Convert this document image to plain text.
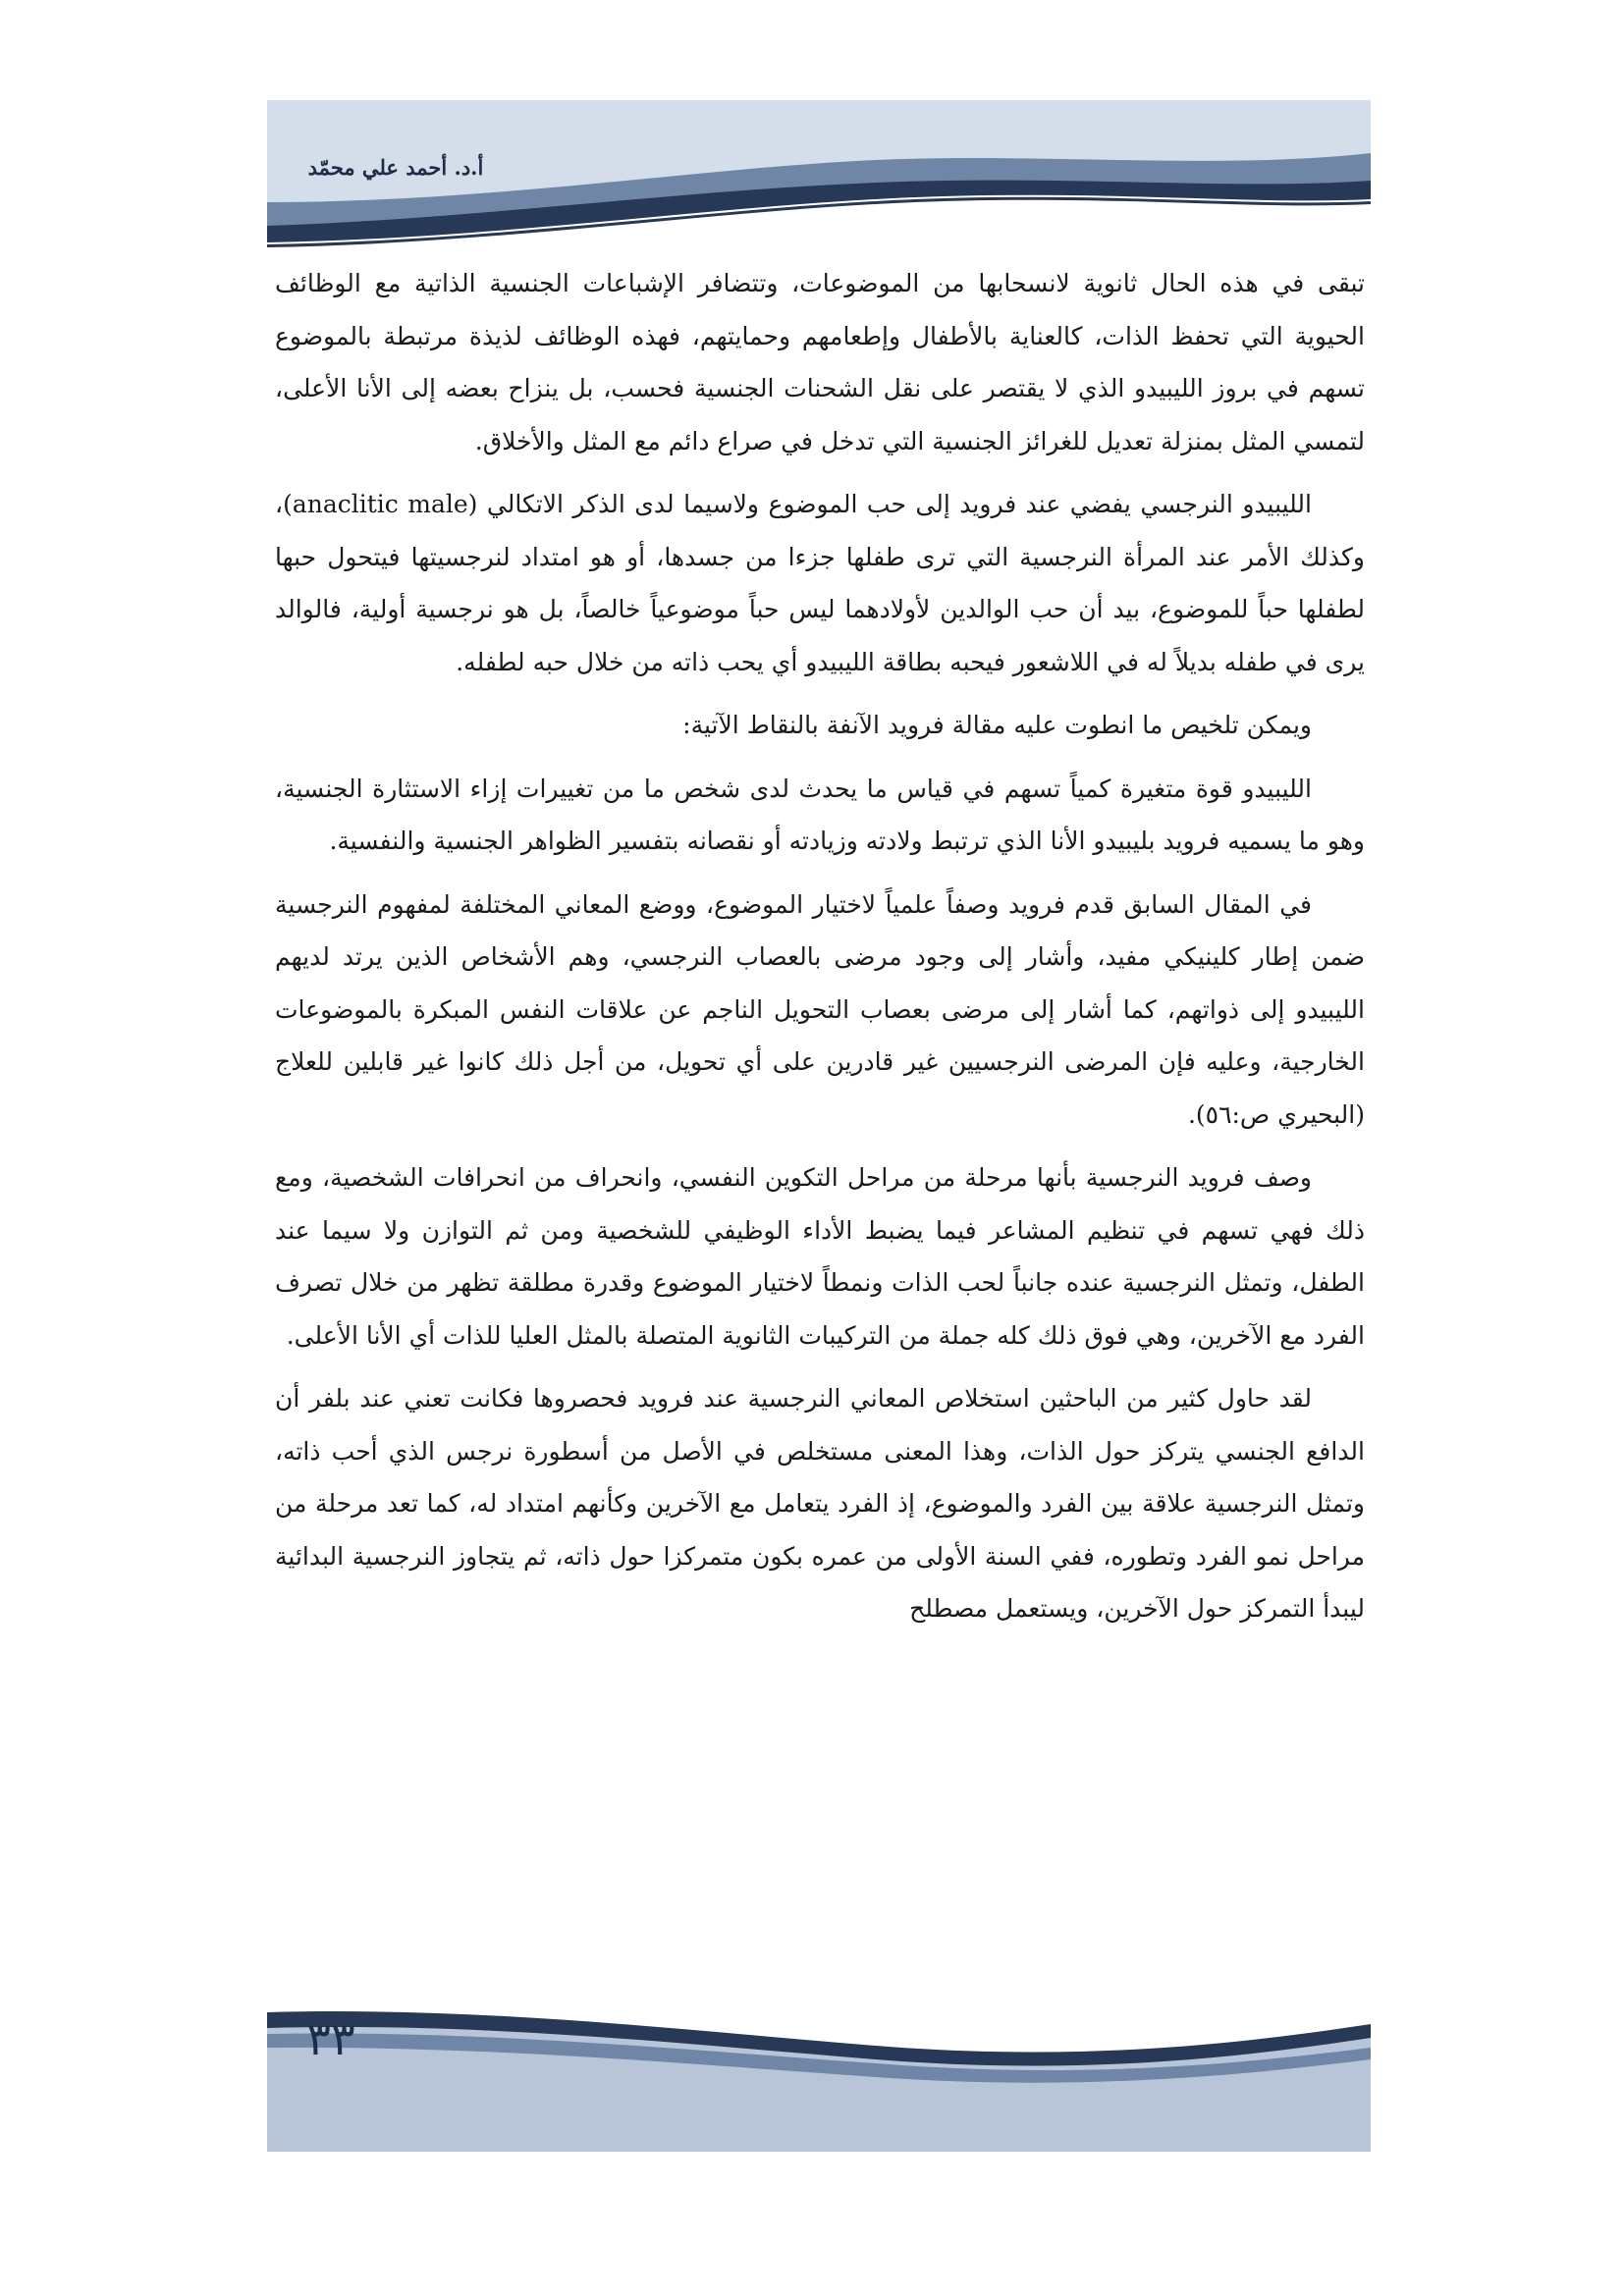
أ.د. أحمد علي محمّد

تبقى في هذه الحال ثانوية لانسحابها من الموضوعات، وتتضافر الإشباعات الجنسية الذاتية مع الوظائف الحيوية التي تحفظ الذات، كالعناية بالأطفال وإطعامهم وحمايتهم، فهذه الوظائف لذيذة مرتبطة بالموضوع تسهم في بروز الليبيدو الذي لا يقتصر على نقل الشحنات الجنسية فحسب، بل ينزاح بعضه إلى الأنا الأعلى، لتمسي المثل بمنزلة تعديل للغرائز الجنسية التي تدخل في صراع دائم مع المثل والأخلاق.

الليبيدو النرجسي يفضي عند فرويد إلى حب الموضوع ولاسيما لدى الذكر الاتكالي (anaclitic male)، وكذلك الأمر عند المرأة النرجسية التي ترى طفلها جزءا من جسدها، أو هو امتداد لنرجسيتها فيتحول حبها لطفلها حباً للموضوع، بيد أن حب الوالدين لأولادهما ليس حباً موضوعياً خالصاً، بل هو نرجسية أولية، فالوالد يرى في طفله بديلاً له في اللاشعور فيحبه بطاقة الليبيدو أي يحب ذاته من خلال حبه لطفله.

ويمكن تلخيص ما انطوت عليه مقالة فرويد الآنفة بالنقاط الآتية:

الليبيدو قوة متغيرة كمياً تسهم في قياس ما يحدث لدى شخص ما من تغييرات إزاء الاستثارة الجنسية، وهو ما يسميه فرويد بليبيدو الأنا الذي ترتبط ولادته وزيادته أو نقصانه بتفسير الظواهر الجنسية والنفسية.

في المقال السابق قدم فرويد وصفاً علمياً لاختيار الموضوع، ووضع المعاني المختلفة لمفهوم النرجسية ضمن إطار كلينيكي مفيد، وأشار إلى وجود مرضى بالعصاب النرجسي، وهم الأشخاص الذين يرتد لديهم الليبيدو إلى ذواتهم، كما أشار إلى مرضى بعصاب التحويل الناجم عن علاقات النفس المبكرة بالموضوعات الخارجية، وعليه فإن المرضى النرجسيين غير قادرين على أي تحويل، من أجل ذلك كانوا غير قابلين للعلاج (البحيري ص:٥٦).

وصف فرويد النرجسية بأنها مرحلة من مراحل التكوين النفسي، وانحراف من انحرافات الشخصية، ومع ذلك فهي تسهم في تنظيم المشاعر فيما يضبط الأداء الوظيفي للشخصية ومن ثم التوازن ولا سيما عند الطفل، وتمثل النرجسية عنده جانباً لحب الذات ونمطاً لاختيار الموضوع وقدرة مطلقة تظهر من خلال تصرف الفرد مع الآخرين، وهي فوق ذلك كله جملة من التركيبات الثانوية المتصلة بالمثل العليا للذات أي الأنا الأعلى.

لقد حاول كثير من الباحثين استخلاص المعاني النرجسية عند فرويد فحصروها فكانت تعني عند بلفر أن الدافع الجنسي يتركز حول الذات، وهذا المعنى مستخلص في الأصل من أسطورة نرجس الذي أحب ذاته، وتمثل النرجسية علاقة بين الفرد والموضوع، إذ الفرد يتعامل مع الآخرين وكأنهم امتداد له، كما تعد مرحلة من مراحل نمو الفرد وتطوره، ففي السنة الأولى من عمره بكون متمركزا حول ذاته، ثم يتجاوز النرجسية البدائية ليبدأ التمركز حول الآخرين، ويستعمل مصطلح

٣٣
